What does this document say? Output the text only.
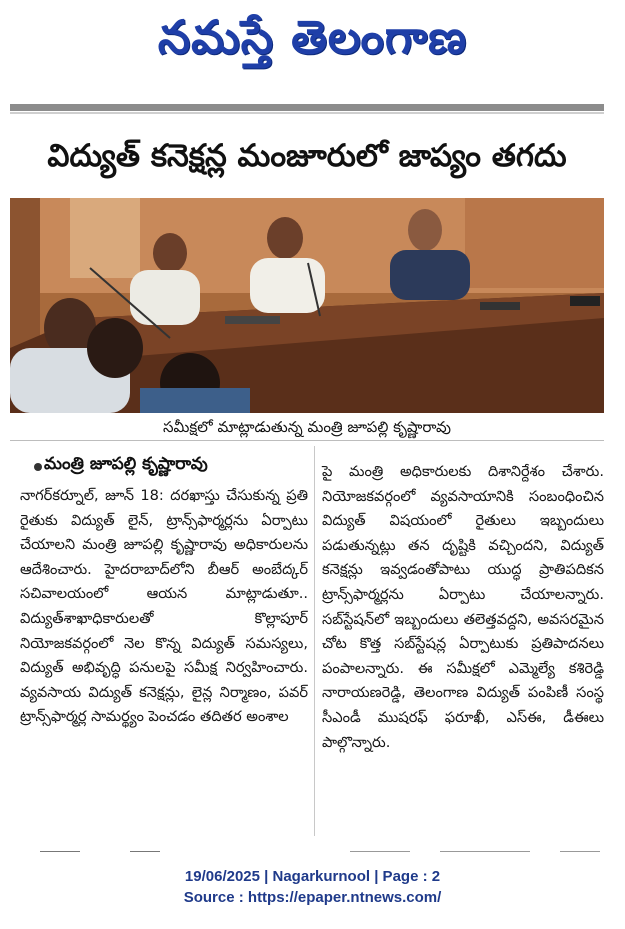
నమస్తే తెలంగాణ
విద్యుత్ కనెక్షన్ల మంజూరులో జాప్యం తగదు
సమీక్షలో మాట్లాడుతున్న మంత్రి జూపల్లి కృష్ణారావు
మంత్రి జూపల్లి కృష్ణారావు

నాగర్‌కర్నూల్, జూన్ 18: దరఖాస్తు చేసుకున్న ప్రతి రైతుకు విద్యుత్ లైన్, ట్రాన్స్‌ఫార్మర్లను ఏర్పాటు చేయాలని మంత్రి జూపల్లి కృష్ణారావు అధికారులను ఆదేశించారు. హైదరాబాద్‌లోని బీఆర్ అంబేద్కర్ సచివాలయంలో ఆయన మాట్లాడుతూ.. విద్యుత్‌శాఖాధికారులతో కొల్లాపూర్ నియోజకవర్గంలో నెల కొన్న విద్యుత్ సమస్యలు, విద్యుత్ అభివృద్ధి పనులపై సమీక్ష నిర్వహించారు. వ్యవసాయ విద్యుత్ కనెక్షన్లు, లైన్ల నిర్మాణం, పవర్ ట్రాన్స్‌ఫార్మర్ల సామర్థ్యం పెంచడం తదితర అంశాల

పై మంత్రి అధికారులకు దిశానిర్దేశం చేశారు. నియోజకవర్గంలో వ్యవసాయానికి సంబంధించిన విద్యుత్ విషయంలో రైతులు ఇబ్బందులు పడుతున్నట్లు తన దృష్టికి వచ్చిందని, విద్యుత్ కనెక్షన్లు ఇవ్వడంతోపాటు యుద్ధ ప్రాతిపదికన ట్రాన్స్‌ఫార్మర్లను ఏర్పాటు చేయాలన్నారు. సబ్‌స్టేషన్‌లో ఇబ్బందులు తలెత్తవద్దని, అవసరమైన చోట కొత్త సబ్‌స్టేషన్ల ఏర్పాటుకు ప్రతిపాదనలు పంపాలన్నారు. ఈ సమీక్షలో ఎమ్మెల్యే కశిరెడ్డి నారాయణరెడ్డి, తెలంగాణ విద్యుత్ పంపిణీ సంస్థ సీఎండీ ముషరఫ్ ఫరూఖీ, ఎస్‌ఈ, డీఈలు పాల్గొన్నారు.

19/06/2025 | Nagarkurnool | Page : 2
Source : https://epaper.ntnews.com/
